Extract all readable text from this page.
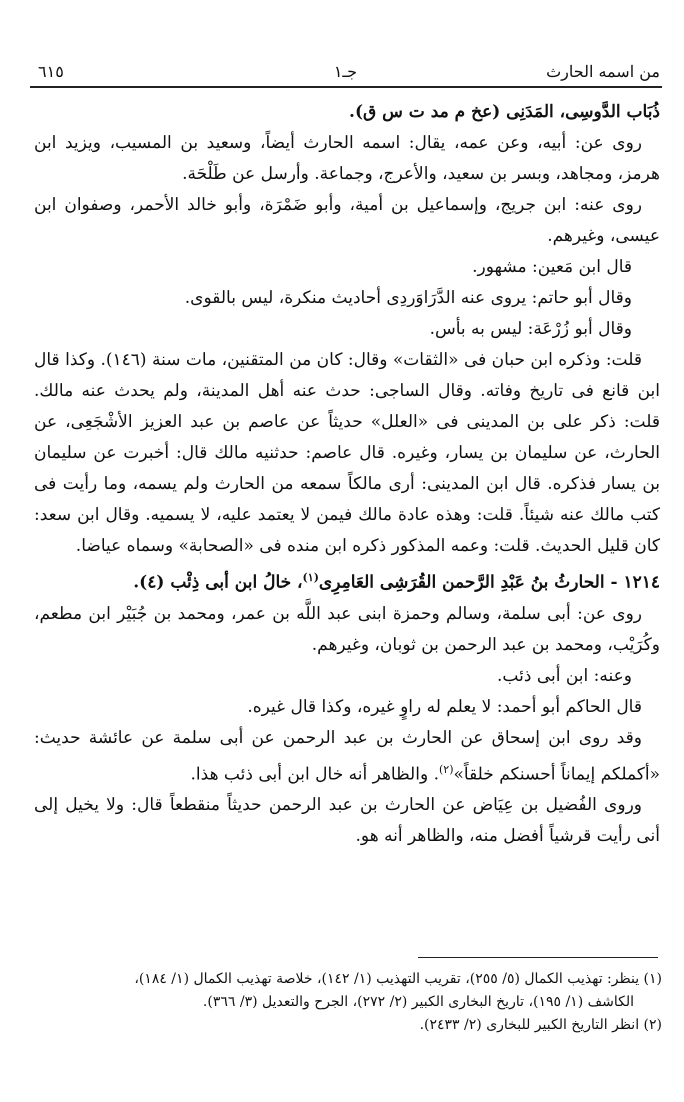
من اسمه الحارث
جـ١
٦١٥

ذُبَاب الدَّوسِى، المَدَنِى (عخ م مد ت س ق).

روى عن: أبيه، وعن عمه، يقال: اسمه الحارث أيضاً، وسعيد بن المسيب، ويزيد ابن هرمز، ومجاهد، وبسر بن سعيد، والأعرج، وجماعة. وأرسل عن طَلْحَة.

روى عنه: ابن جريج، وإسماعيل بن أمية، وأبو ضَمْرَة، وأبو خالد الأحمر، وصفوان ابن عيسى، وغيرهم.

قال ابن مَعين: مشهور.

وقال أبو حاتم: يروى عنه الدَّرَاوَردِى أحاديث منكرة، ليس بالقوى.

وقال أبو زُرْعَة: ليس به بأس.

قلت: وذكره ابن حبان فى «الثقات» وقال: كان من المتقنين، مات سنة (١٤٦). وكذا قال ابن قانع فى تاريخ وفاته. وقال الساجى: حدث عنه أهل المدينة، ولم يحدث عنه مالك. قلت: ذكر على بن المدينى فى «العلل» حديثاً عن عاصم بن عبد العزيز الأشْجَعِى، عن الحارث، عن سليمان بن يسار، وغيره. قال عاصم: حدثنيه مالك قال: أخبرت عن سليمان بن يسار فذكره. قال ابن المدينى: أرى مالكاً سمعه من الحارث ولم يسمه، وما رأيت فى كتب مالك عنه شيئاً. قلت: وهذه عادة مالك فيمن لا يعتمد عليه، لا يسميه. وقال ابن سعد: كان قليل الحديث. قلت: وعمه المذكور ذكره ابن منده فى «الصحابة» وسماه عياضا.

١٢١٤ - الحارثُ بنُ عَبْدِ الرَّحمن القُرَشِى العَامِرِى$^{(١)}$، خالُ ابن أبى ذِئْب (٤).

روى عن: أبى سلمة، وسالم وحمزة ابنى عبد اللَّه بن عمر، ومحمد بن جُبَيْر ابن مطعم، وكُرَيْب، ومحمد بن عبد الرحمن بن ثوبان، وغيرهم.

وعنه: ابن أبى ذئب.

قال الحاكم أبو أحمد: لا يعلم له راوٍ غيره، وكذا قال غيره.

وقد روى ابن إسحاق عن الحارث بن عبد الرحمن عن أبى سلمة عن عائشة حديث: «أكملكم إيماناً أحسنكم خلقاً»$^{(٢)}$. والظاهر أنه خال ابن أبى ذئب هذا.

وروى الفُضيل بن عِيَاض عن الحارث بن عبد الرحمن حديثاً منقطعاً قال: ولا يخيل إلى أنى رأيت قرشياً أفضل منه، والظاهر أنه هو.

(١) ينظر: تهذيب الكمال (٥/ ٢٥٥)، تقريب التهذيب (١/ ١٤٢)، خلاصة تهذيب الكمال (١/ ١٨٤)،

الكاشف (١/ ١٩٥)، تاريخ البخارى الكبير (٢/ ٢٧٢)، الجرح والتعديل (٣/ ٣٦٦).

(٢) انظر التاريخ الكبير للبخارى (٢/ ٢٤٣٣).
